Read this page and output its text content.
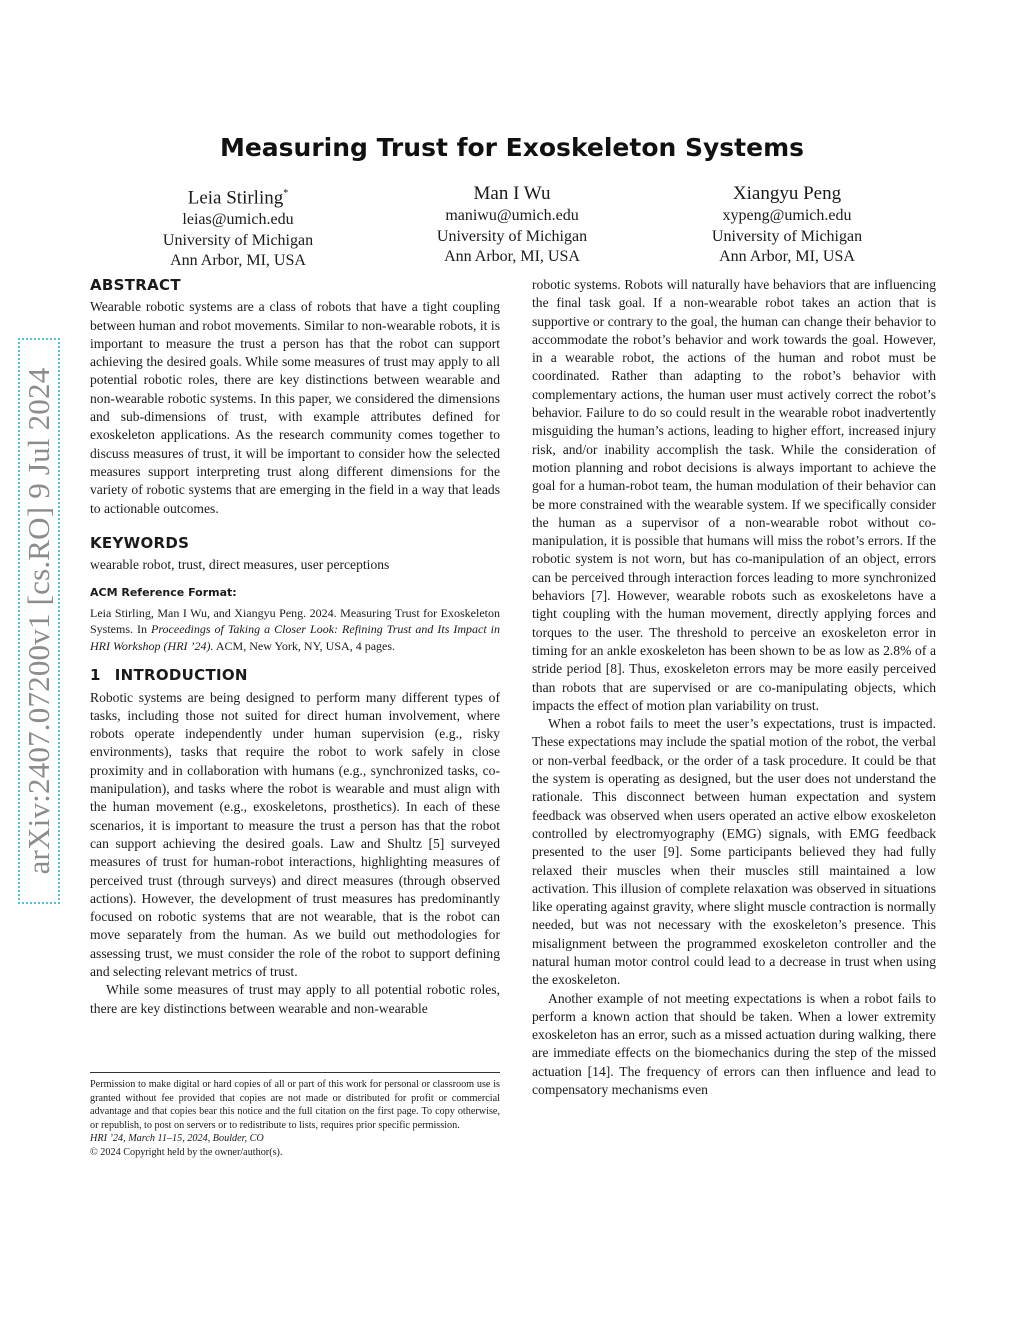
arXiv:2407.07200v1 [cs.RO] 9 Jul 2024
Measuring Trust for Exoskeleton Systems
Leia Stirling*
leias@umich.edu
University of Michigan
Ann Arbor, MI, USA
Man I Wu
maniwu@umich.edu
University of Michigan
Ann Arbor, MI, USA
Xiangyu Peng
xypeng@umich.edu
University of Michigan
Ann Arbor, MI, USA
ABSTRACT

Wearable robotic systems are a class of robots that have a tight coupling between human and robot movements. Similar to non-wearable robots, it is important to measure the trust a person has that the robot can support achieving the desired goals. While some measures of trust may apply to all potential robotic roles, there are key distinctions between wearable and non-wearable robotic systems. In this paper, we considered the dimensions and sub-dimensions of trust, with example attributes defined for exoskeleton applications. As the research community comes together to discuss measures of trust, it will be important to consider how the selected measures support interpreting trust along different dimensions for the variety of robotic systems that are emerging in the field in a way that leads to actionable outcomes.

KEYWORDS

wearable robot, trust, direct measures, user perceptions

ACM Reference Format:

Leia Stirling, Man I Wu, and Xiangyu Peng. 2024. Measuring Trust for Exoskeleton Systems. In Proceedings of Taking a Closer Look: Refining Trust and Its Impact in HRI Workshop (HRI ’24). ACM, New York, NY, USA, 4 pages.

1 INTRODUCTION

Robotic systems are being designed to perform many different types of tasks, including those not suited for direct human involvement, where robots operate independently under human supervision (e.g., risky environments), tasks that require the robot to work safely in close proximity and in collaboration with humans (e.g., synchronized tasks, co-manipulation), and tasks where the robot is wearable and must align with the human movement (e.g., exoskeletons, prosthetics). In each of these scenarios, it is important to measure the trust a person has that the robot can support achieving the desired goals. Law and Shultz [5] surveyed measures of trust for human-robot interactions, highlighting measures of perceived trust (through surveys) and direct measures (through observed actions). However, the development of trust measures has predominantly focused on robotic systems that are not wearable, that is the robot can move separately from the human. As we build out methodologies for assessing trust, we must consider the role of the robot to support defining and selecting relevant metrics of trust.

While some measures of trust may apply to all potential robotic roles, there are key distinctions between wearable and non-wearable

Permission to make digital or hard copies of all or part of this work for personal or classroom use is granted without fee provided that copies are not made or distributed for profit or commercial advantage and that copies bear this notice and the full citation on the first page. To copy otherwise, or republish, to post on servers or to redistribute to lists, requires prior specific permission.

HRI ’24, March 11–15, 2024, Boulder, CO

© 2024 Copyright held by the owner/author(s).

robotic systems. Robots will naturally have behaviors that are influencing the final task goal. If a non-wearable robot takes an action that is supportive or contrary to the goal, the human can change their behavior to accommodate the robot’s behavior and work towards the goal. However, in a wearable robot, the actions of the human and robot must be coordinated. Rather than adapting to the robot’s behavior with complementary actions, the human user must actively correct the robot’s behavior. Failure to do so could result in the wearable robot inadvertently misguiding the human’s actions, leading to higher effort, increased injury risk, and/or inability accomplish the task. While the consideration of motion planning and robot decisions is always important to achieve the goal for a human-robot team, the human modulation of their behavior can be more constrained with the wearable system. If we specifically consider the human as a supervisor of a non-wearable robot without co-manipulation, it is possible that humans will miss the robot’s errors. If the robotic system is not worn, but has co-manipulation of an object, errors can be perceived through interaction forces leading to more synchronized behaviors [7]. However, wearable robots such as exoskeletons have a tight coupling with the human movement, directly applying forces and torques to the user. The threshold to perceive an exoskeleton error in timing for an ankle exoskeleton has been shown to be as low as 2.8% of a stride period [8]. Thus, exoskeleton errors may be more easily perceived than robots that are supervised or are co-manipulating objects, which impacts the effect of motion plan variability on trust.

When a robot fails to meet the user’s expectations, trust is impacted. These expectations may include the spatial motion of the robot, the verbal or non-verbal feedback, or the order of a task procedure. It could be that the system is operating as designed, but the user does not understand the rationale. This disconnect between human expectation and system feedback was observed when users operated an active elbow exoskeleton controlled by electromyography (EMG) signals, with EMG feedback presented to the user [9]. Some participants believed they had fully relaxed their muscles when their muscles still maintained a low activation. This illusion of complete relaxation was observed in situations like operating against gravity, where slight muscle contraction is normally needed, but was not necessary with the exoskeleton’s presence. This misalignment between the programmed exoskeleton controller and the natural human motor control could lead to a decrease in trust when using the exoskeleton.

Another example of not meeting expectations is when a robot fails to perform a known action that should be taken. When a lower extremity exoskeleton has an error, such as a missed actuation during walking, there are immediate effects on the biomechanics during the step of the missed actuation [14]. The frequency of errors can then influence and lead to compensatory mechanisms even
